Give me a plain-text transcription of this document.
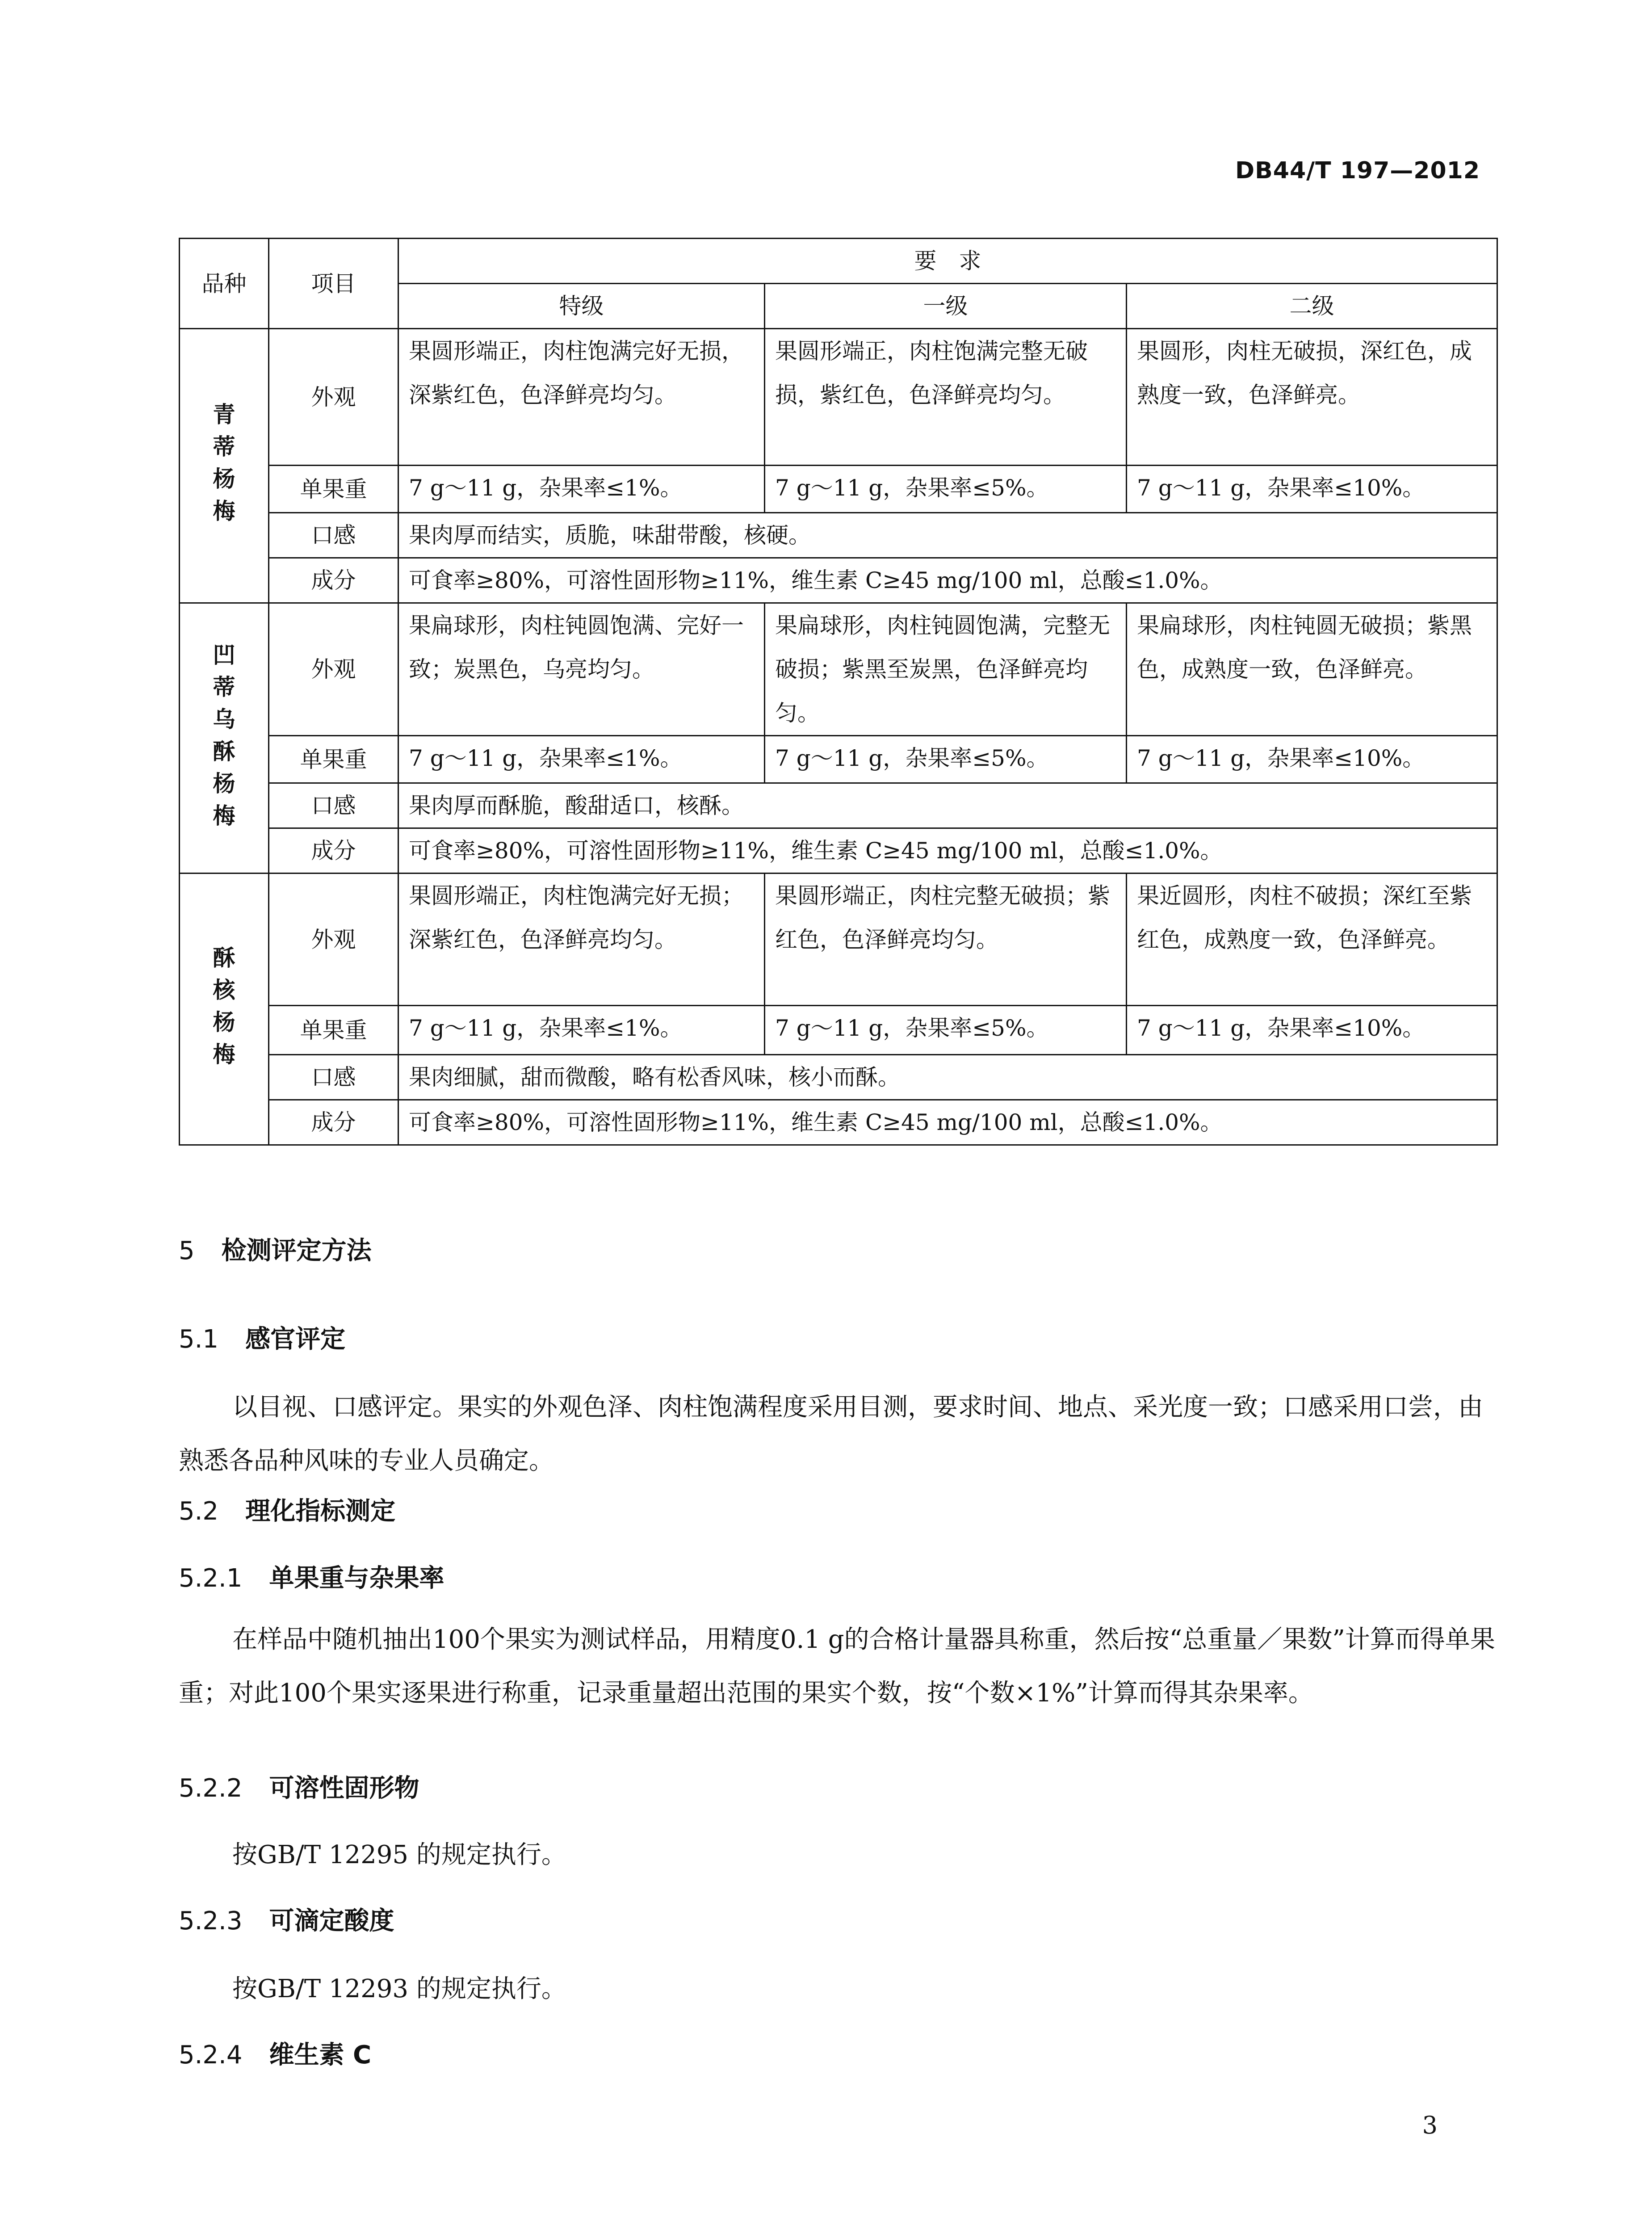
DB44/T 197—2012
品种	项目	要　求		
		特级	一级	二级
青蒂杨梅	外观	果圆形端正，肉柱饱满完好无损，深紫红色，色泽鲜亮均匀。	果圆形端正，肉柱饱满完整无破损，紫红色，色泽鲜亮均匀。	果圆形，肉柱无破损，深红色，成熟度一致，色泽鲜亮。
	单果重	7 g～11 g，杂果率≤1%。	7 g～11 g，杂果率≤5%。	7 g～11 g，杂果率≤10%。
	口感	果肉厚而结实，质脆，味甜带酸，核硬。		
	成分	可食率≥80%，可溶性固形物≥11%，维生素 C≥45 mg/100 ml，总酸≤1.0%。		
凹蒂乌酥杨梅	外观	果扁球形，肉柱钝圆饱满、完好一致；炭黑色，乌亮均匀。	果扁球形，肉柱钝圆饱满，完整无破损；紫黑至炭黑，色泽鲜亮均匀。	果扁球形，肉柱钝圆无破损；紫黑色，成熟度一致，色泽鲜亮。
	单果重	7 g～11 g，杂果率≤1%。	7 g～11 g，杂果率≤5%。	7 g～11 g，杂果率≤10%。
	口感	果肉厚而酥脆，酸甜适口，核酥。		
	成分	可食率≥80%，可溶性固形物≥11%，维生素 C≥45 mg/100 ml，总酸≤1.0%。		
酥核杨梅	外观	果圆形端正，肉柱饱满完好无损；深紫红色，色泽鲜亮均匀。	果圆形端正，肉柱完整无破损；紫红色，色泽鲜亮均匀。	果近圆形，肉柱不破损；深红至紫红色，成熟度一致，色泽鲜亮。
	单果重	7 g～11 g，杂果率≤1%。	7 g～11 g，杂果率≤5%。	7 g～11 g，杂果率≤10%。
	口感	果肉细腻，甜而微酸，略有松香风味，核小而酥。		
	成分	可食率≥80%，可溶性固形物≥11%，维生素 C≥45 mg/100 ml，总酸≤1.0%。		
5 检测评定方法
5.1 感官评定
以目视、口感评定。果实的外观色泽、肉柱饱满程度采用目测，要求时间、地点、采光度一致；口感采用口尝，由熟悉各品种风味的专业人员确定。
5.2 理化指标测定
5.2.1 单果重与杂果率
在样品中随机抽出100个果实为测试样品，用精度0.1 g的合格计量器具称重，然后按“总重量／果数”计算而得单果重；对此100个果实逐果进行称重，记录重量超出范围的果实个数，按“个数×1%”计算而得其杂果率。
5.2.2 可溶性固形物
按GB/T 12295 的规定执行。
5.2.3 可滴定酸度
按GB/T 12293 的规定执行。
5.2.4 维生素 C
3
